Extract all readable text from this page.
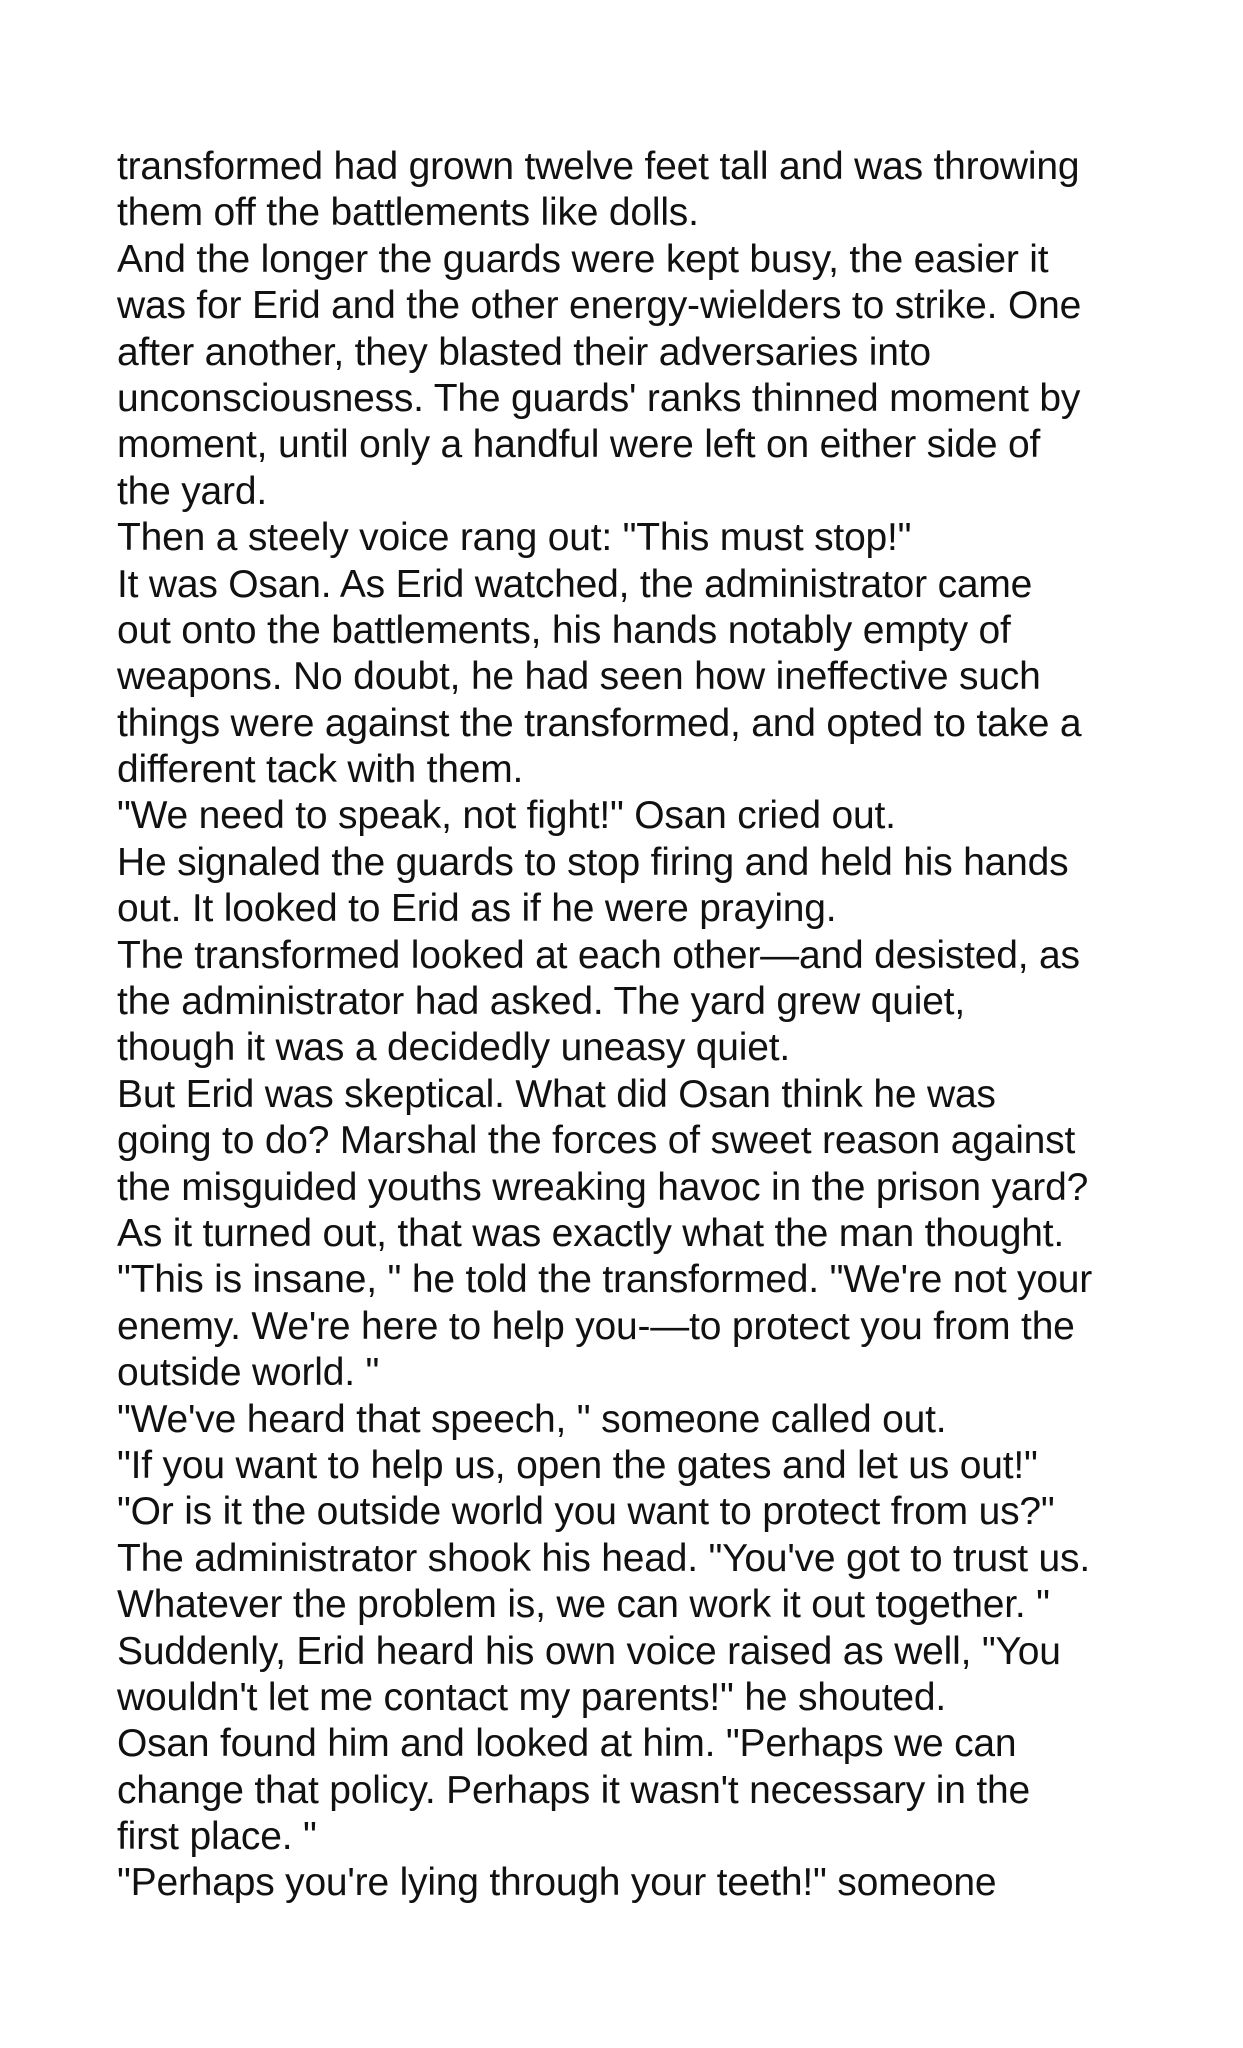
transformed had grown twelve feet tall and was throwing
them off the battlements like dolls.
And the longer the guards were kept busy, the easier it
was for Erid and the other energy-wielders to strike. One
after another, they blasted their adversaries into
unconsciousness. The guards' ranks thinned moment by
moment, until only a handful were left on either side of
the yard.
Then a steely voice rang out: "This must stop!"
It was Osan. As Erid watched, the administrator came
out onto the battlements, his hands notably empty of
weapons. No doubt, he had seen how ineffective such
things were against the transformed, and opted to take a
different tack with them.
"We need to speak, not fight!" Osan cried out.
He signaled the guards to stop firing and held his hands
out. It looked to Erid as if he were praying.
The transformed looked at each other—and desisted, as
the administrator had asked. The yard grew quiet,
though it was a decidedly uneasy quiet.
But Erid was skeptical. What did Osan think he was
going to do? Marshal the forces of sweet reason against
the misguided youths wreaking havoc in the prison yard?
As it turned out, that was exactly what the man thought.
"This is insane, " he told the transformed. "We're not your
enemy. We're here to help you-—to protect you from the
outside world. "
"We've heard that speech, " someone called out.
"If you want to help us, open the gates and let us out!"
"Or is it the outside world you want to protect from us?"
The administrator shook his head. "You've got to trust us.
Whatever the problem is, we can work it out together. "
Suddenly, Erid heard his own voice raised as well, "You
wouldn't let me contact my parents!" he shouted.
Osan found him and looked at him. "Perhaps we can
change that policy. Perhaps it wasn't necessary in the
first place. "
"Perhaps you're lying through your teeth!" someone
